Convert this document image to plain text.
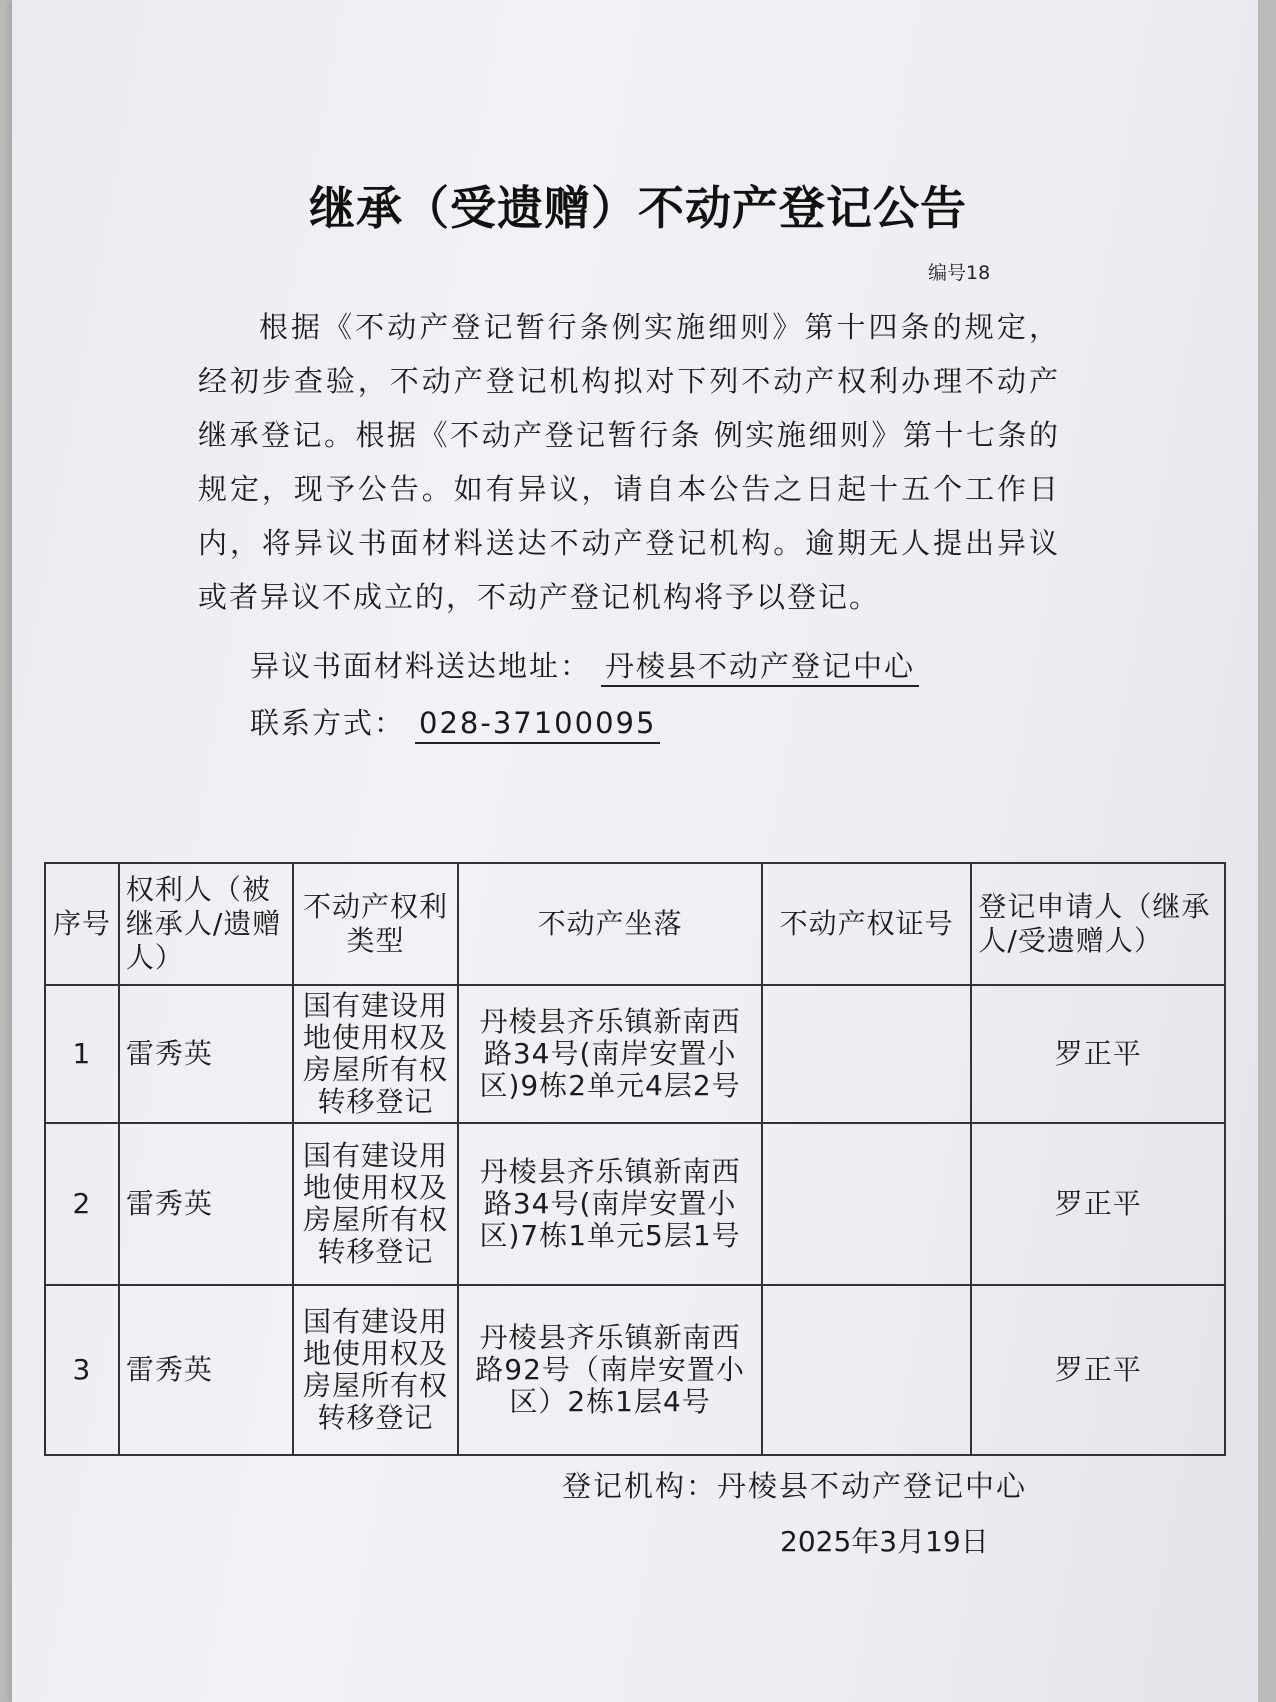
继承（受遗赠）不动产登记公告
编号18
根据《不动产登记暂行条例实施细则》第十四条的规定，经初步查验，不动产登记机构拟对下列不动产权利办理不动产继承登记。根据《不动产登记暂行条 例实施细则》第十七条的规定，现予公告。如有异议，请自本公告之日起十五个工作日内，将异议书面材料送达不动产登记机构。逾期无人提出异议或者异议不成立的，不动产登记机构将予以登记。
异议书面材料送达地址： 丹棱县不动产登记中心
联系方式： 028-37100095
序号	权利人（被继承人/遗赠人）	不动产权利类型	不动产坐落	不动产权证号	登记申请人（继承人/受遗赠人）
1	雷秀英	国有建设用地使用权及房屋所有权转移登记	丹棱县齐乐镇新南西路34号(南岸安置小区)9栋2单元4层2号		罗正平
2	雷秀英	国有建设用地使用权及房屋所有权转移登记	丹棱县齐乐镇新南西路34号(南岸安置小区)7栋1单元5层1号		罗正平
3	雷秀英	国有建设用地使用权及房屋所有权转移登记	丹棱县齐乐镇新南西路92号（南岸安置小区）2栋1层4号		罗正平
登记机构：丹棱县不动产登记中心
2025年3月19日
